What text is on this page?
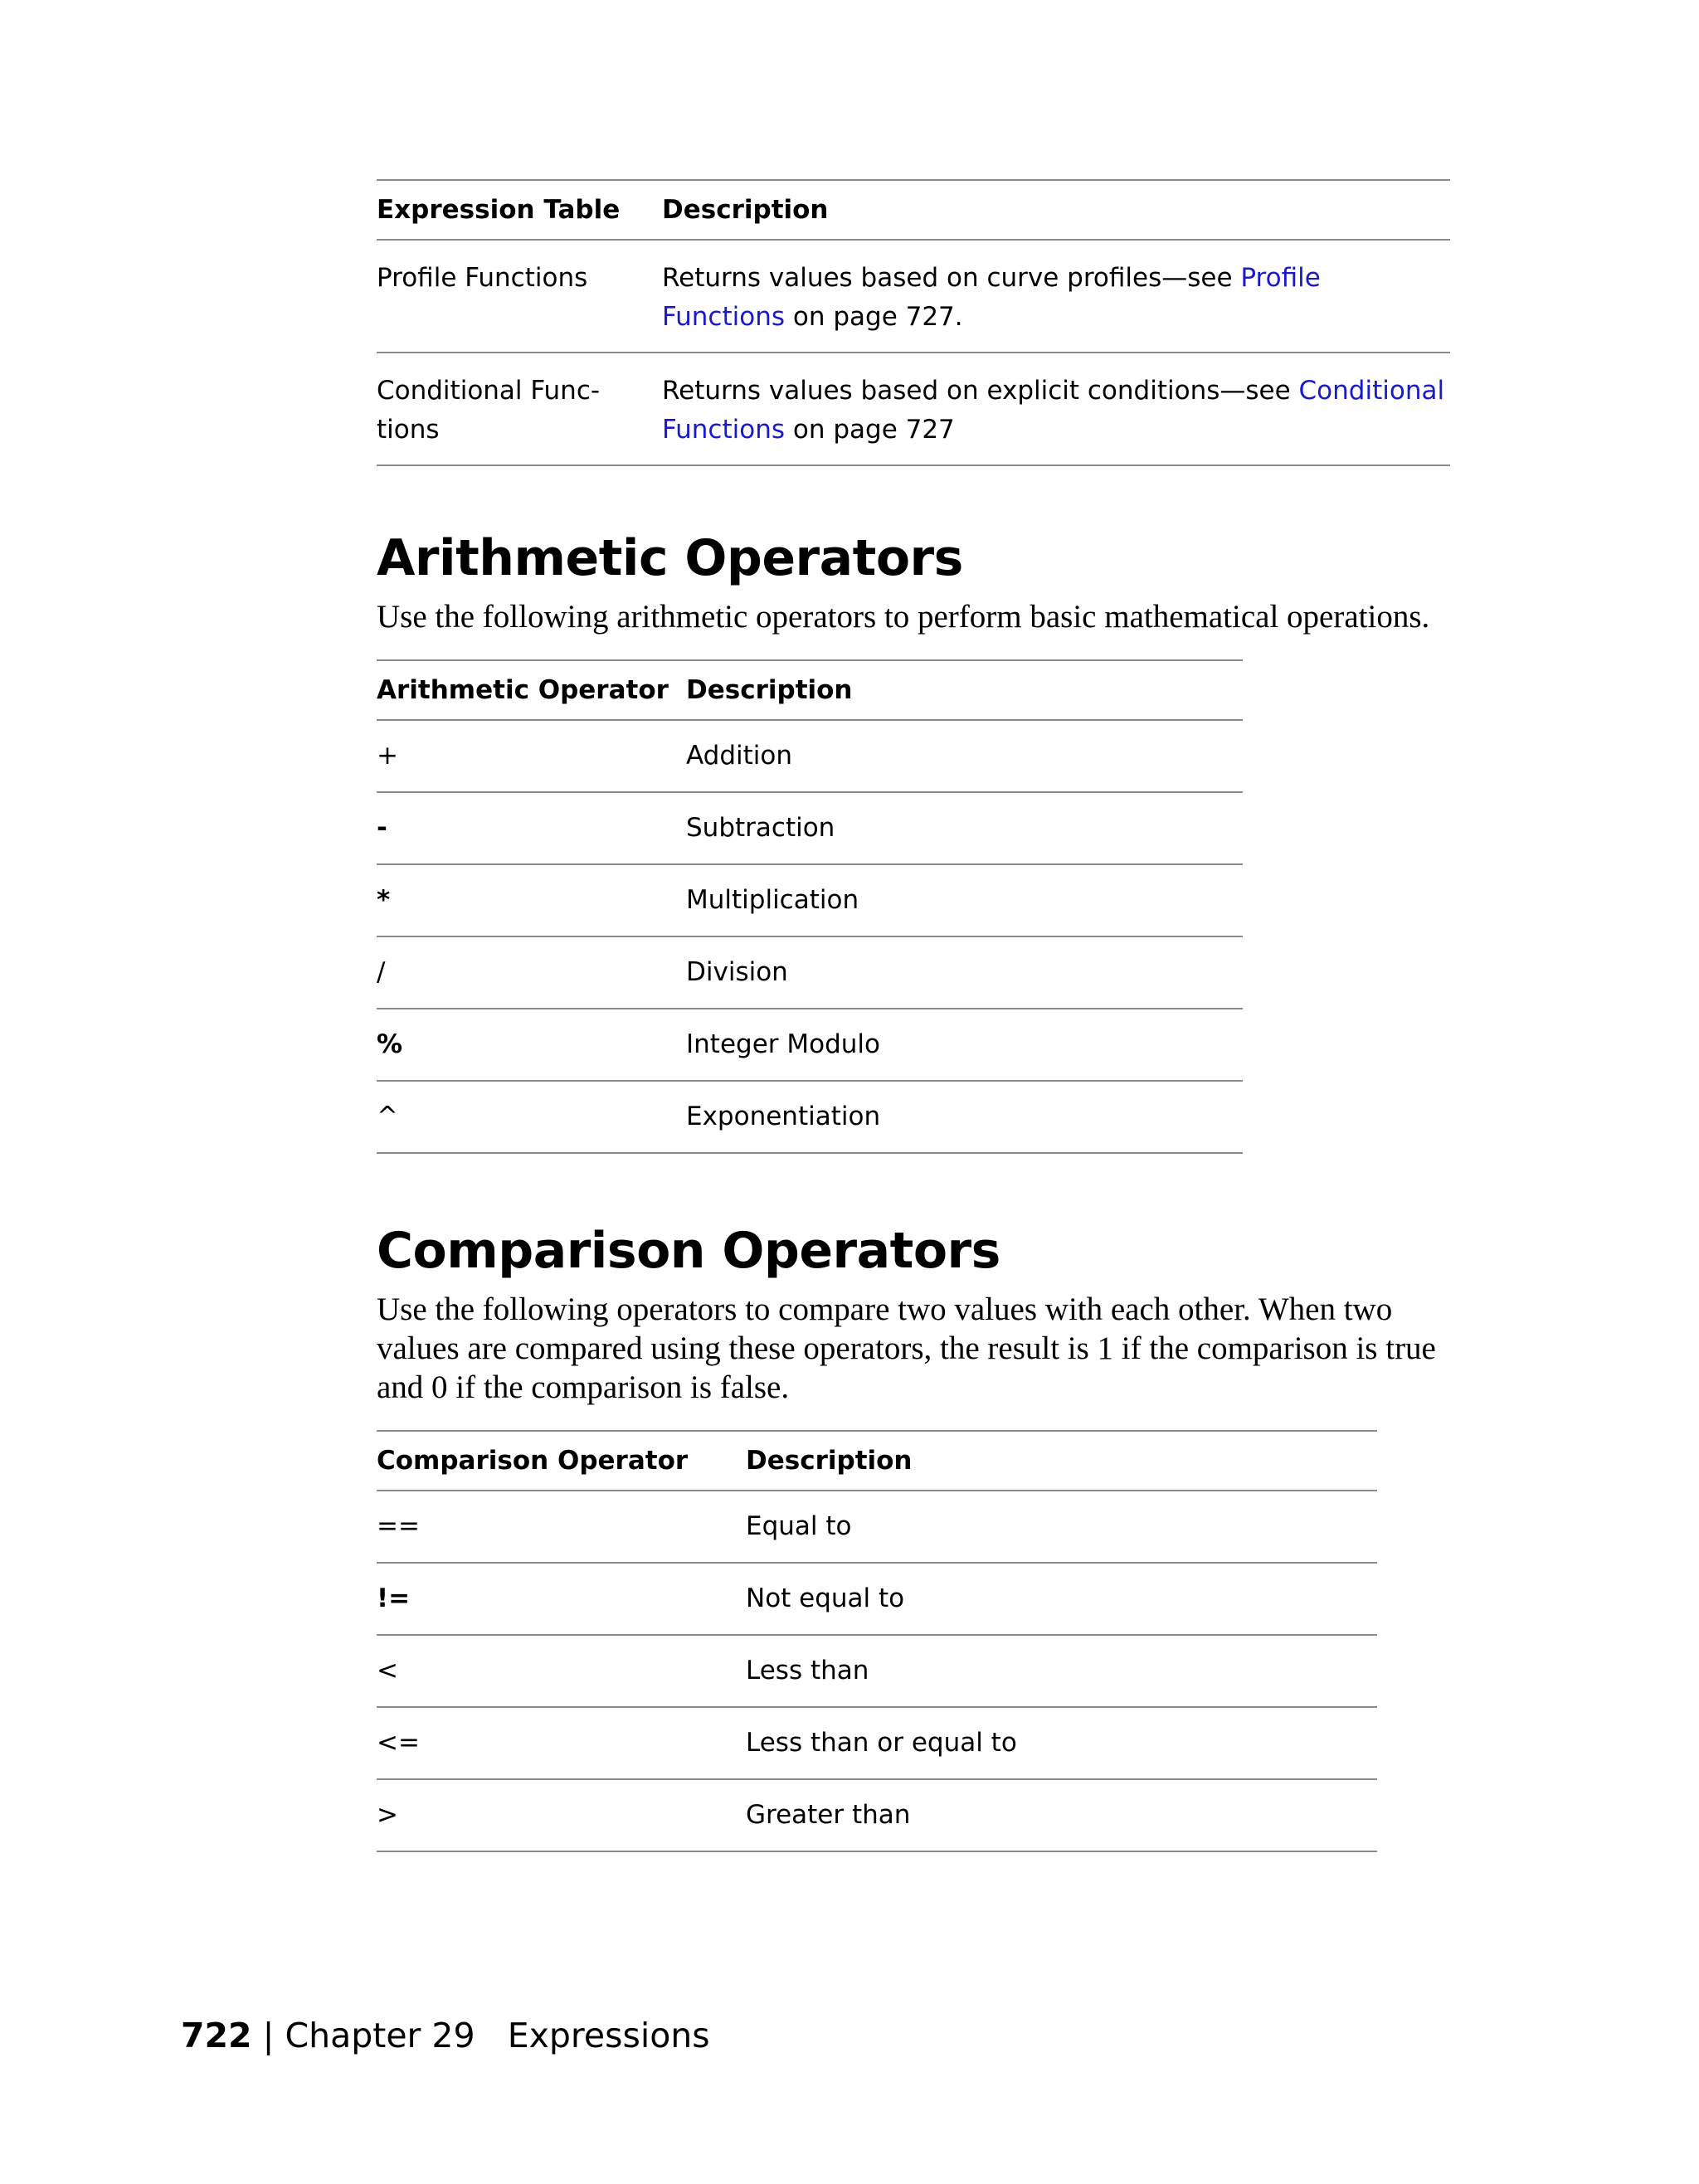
Expression Table	Description
Profile Functions	Returns values based on curve profiles—see Profile Functions on page 727.
Conditional Func-
tions	Returns values based on explicit conditions—see Conditional Functions on page 727
Arithmetic Operators

Use the following arithmetic operators to perform basic mathematical operations.

Arithmetic Operator	Description
+	Addition
-	Subtraction
*	Multiplication
/	Division
%	Integer Modulo
^	Exponentiation
Comparison Operators

Use the following operators to compare two values with each other. When two values are compared using these operators, the result is 1 if the comparison is true and 0 if the comparison is false.

Comparison Operator	Description
==	Equal to
!=	Not equal to
<	Less than
<=	Less than or equal to
>	Greater than
722 | Chapter 29 Expressions
